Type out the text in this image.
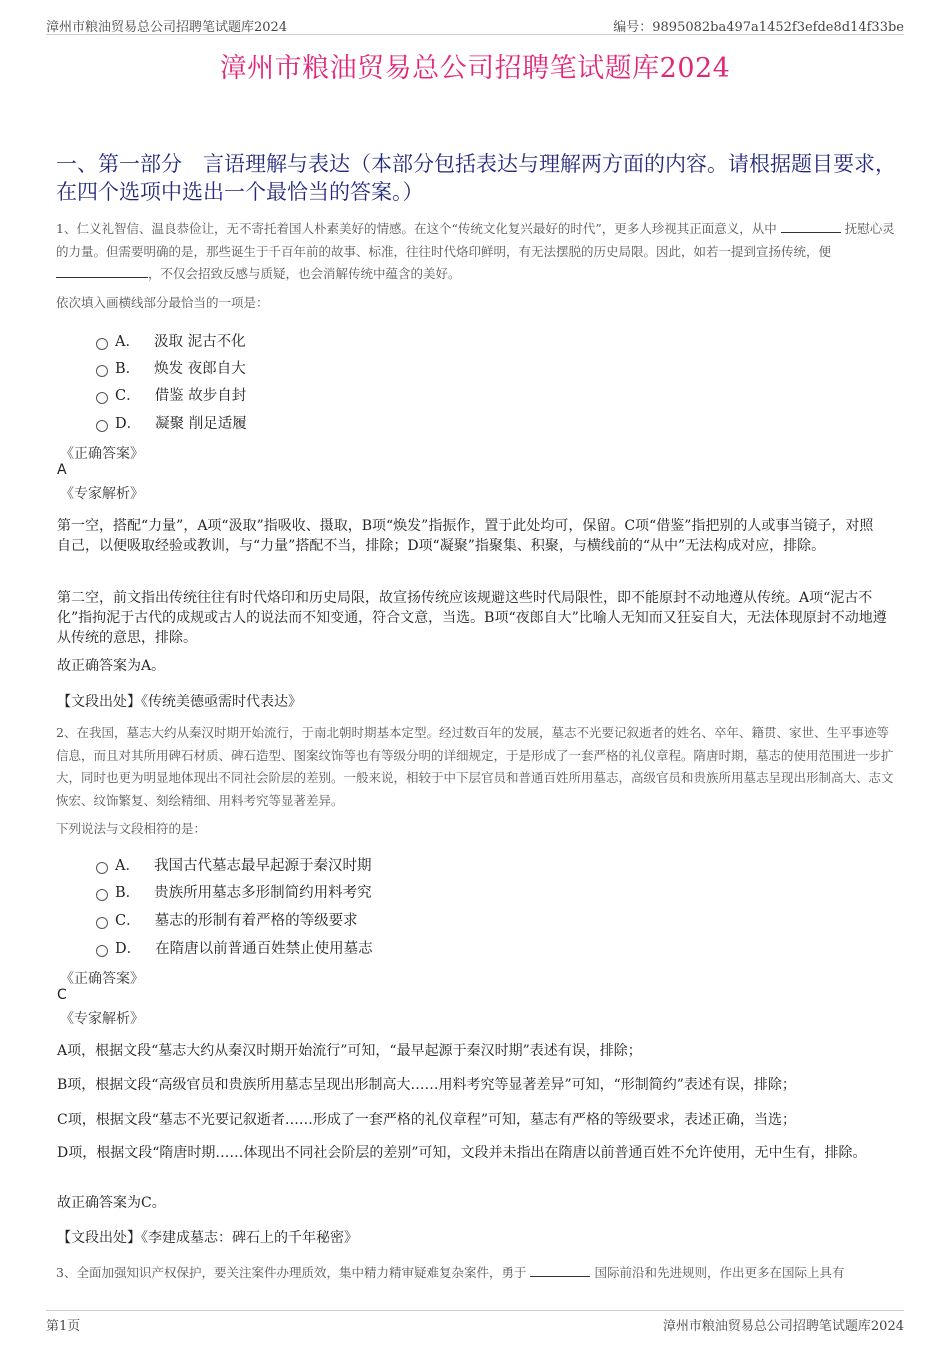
漳州市粮油贸易总公司招聘笔试题库2024	编号：9895082ba497a1452f3efde8d14f33be
漳州市粮油贸易总公司招聘笔试题库2024
一、第一部分　言语理解与表达（本部分包括表达与理解两方面的内容。请根据题目要求，在四个选项中选出一个最恰当的答案。）
1、仁义礼智信、温良恭俭让，无不寄托着国人朴素美好的情感。在这个“传统文化复兴最好的时代”，更多人珍视其正面意义，从中	抚慰心灵的力量。但需要明确的是，那些诞生于千百年前的故事、标准，往往时代烙印鲜明，有无法摆脱的历史局限。因此，如若一提到宣扬传统，便 ，不仅会招致反感与质疑，也会消解传统中蕴含的美好。
依次填入画横线部分最恰当的一项是：
A． 汲取 泥古不化
B． 焕发 夜郎自大
C． 借鉴 故步自封
D． 凝聚 削足适履
《正确答案》
A
《专家解析》
第一空，搭配“力量”，A项“汲取”指吸收、摄取，B项“焕发”指振作，置于此处均可，保留。C项“借鉴”指把别的人或事当镜子，对照自己，以便吸取经验或教训，与“力量”搭配不当，排除；D项“凝聚”指聚集、积聚，与横线前的“从中”无法构成对应，排除。
第二空，前文指出传统往往有时代烙印和历史局限，故宣扬传统应该规避这些时代局限性，即不能原封不动地遵从传统。A项“泥古不化”指拘泥于古代的成规或古人的说法而不知变通，符合文意，当选。B项“夜郎自大”比喻人无知而又狂妄自大，无法体现原封不动地遵从传统的意思，排除。
故正确答案为A。
【文段出处】《传统美德亟需时代表达》
2、在我国，墓志大约从秦汉时期开始流行，于南北朝时期基本定型。经过数百年的发展，墓志不光要记叙逝者的姓名、卒年、籍贯、家世、生平事迹等信息，而且对其所用碑石材质、碑石造型、图案纹饰等也有等级分明的详细规定，于是形成了一套严格的礼仪章程。隋唐时期，墓志的使用范围进一步扩大，同时也更为明显地体现出不同社会阶层的差别。一般来说，相较于中下层官员和普通百姓所用墓志，高级官员和贵族所用墓志呈现出形制高大、志文恢宏、纹饰繁复、刻绘精细、用料考究等显著差异。
下列说法与文段相符的是：
A． 我国古代墓志最早起源于秦汉时期
B． 贵族所用墓志多形制简约用料考究
C． 墓志的形制有着严格的等级要求
D． 在隋唐以前普通百姓禁止使用墓志
《正确答案》
C
《专家解析》
A项，根据文段“墓志大约从秦汉时期开始流行”可知，“最早起源于秦汉时期”表述有误，排除；
B项，根据文段“高级官员和贵族所用墓志呈现出形制高大……用料考究等显著差异”可知，“形制简约”表述有误，排除；
C项，根据文段“墓志不光要记叙逝者……形成了一套严格的礼仪章程”可知，墓志有严格的等级要求，表述正确，当选；
D项，根据文段“隋唐时期……体现出不同社会阶层的差别”可知，文段并未指出在隋唐以前普通百姓不允许使用，无中生有，排除。
故正确答案为C。
【文段出处】《李建成墓志：碑石上的千年秘密》
3、全面加强知识产权保护，要关注案件办理质效，集中精力精审疑难复杂案件，勇于	国际前沿和先进规则，作出更多在国际上具有
第1页	漳州市粮油贸易总公司招聘笔试题库2024
